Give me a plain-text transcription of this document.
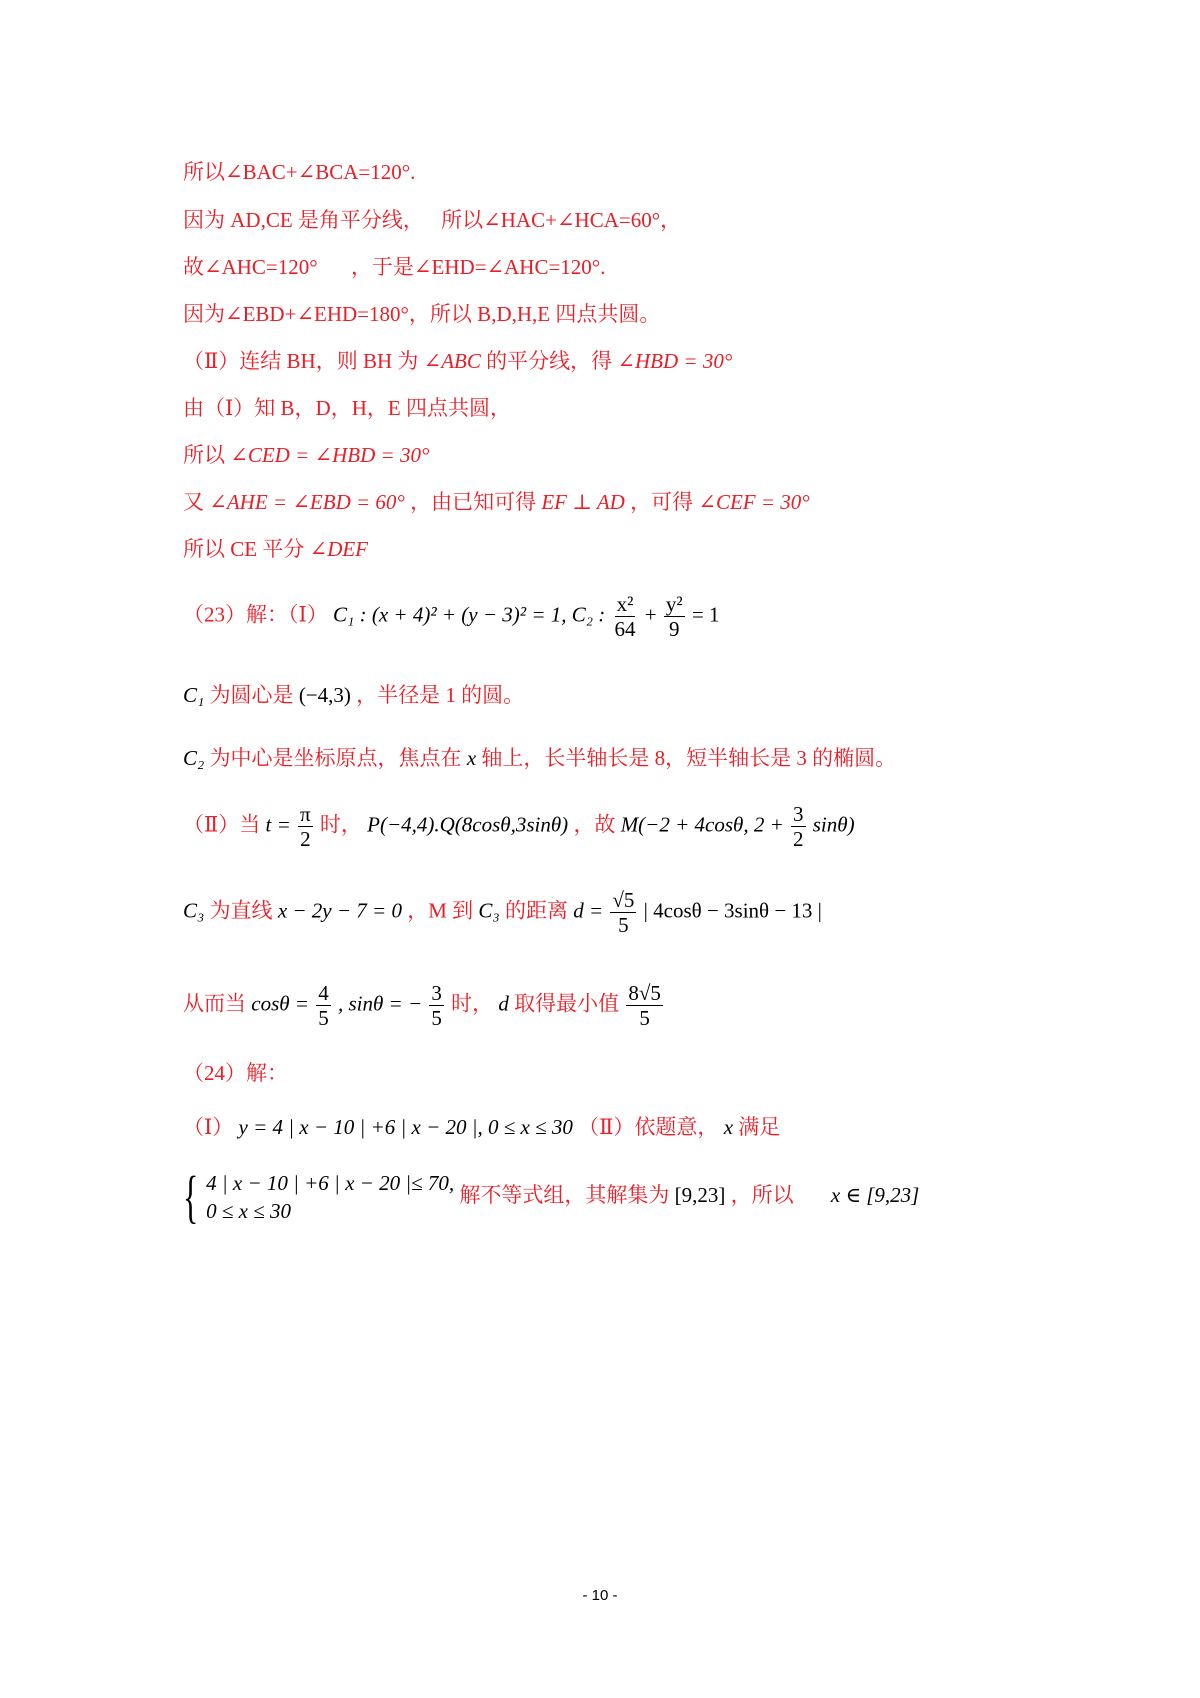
所以∠BAC+∠BCA=120°.
因为 AD,CE 是角平分线， 所以∠HAC+∠HCA=60°，
故∠AHC=120° ，于是∠EHD=∠AHC=120°.
因为∠EBD+∠EHD=180°，所以 B,D,H,E 四点共圆。
（Ⅱ）连结 BH，则 BH 为 ∠ABC 的平分线，得 ∠HBD = 30°
由（Ⅰ）知 B，D，H，E 四点共圆，
所以 ∠CED = ∠HBD = 30°
又 ∠AHE = ∠EBD = 60° ，由已知可得 EF ⊥ AD ，可得 ∠CEF = 30°
所以 CE 平分 ∠DEF
（23）解：（Ⅰ） C₁ : (x + 4)² + (y − 3)² = 1, C₂ : $\frac{\text{x²}}{64} + \frac{\text{y²}}{9} = 1$
C₁ 为圆心是 (−4,3) ，半径是 1 的圆。
C₂ 为中心是坐标原点，焦点在 x 轴上，长半轴长是 8，短半轴长是 3 的椭圆。
（Ⅱ）当 $t = \frac{\pi}{2}$ 时， P(−4,4).Q(8cosθ,3sinθ) ，故 M(−2 + 4cosθ, $2 + \frac{3}{2} \sin\theta$)
C₃ 为直线 x − 2y − 7 = 0 ，M 到 C₃ 的距离 $d = \frac{√5}{5}$ | 4cosθ − 3sinθ − 13 |
从而当 $\cos\theta = \frac{4}{5}$ , sinθ = − $\frac{3}{5}$ 时， d 取得最小值 $\frac{8√5}{5}$
（24）解：
（Ⅰ） y = 4 | x − 10 | +6 | x − 20 |, 0 ≤ x ≤ 30 （Ⅱ）依题意， x 满足
{ 4 | x − 10 | +6 | x − 20 |≤ 70,
0 ≤ x ≤ 30
解不等式组，其解集为 [9,23] ，所以 x ∈ [9,23]
- 10 -
